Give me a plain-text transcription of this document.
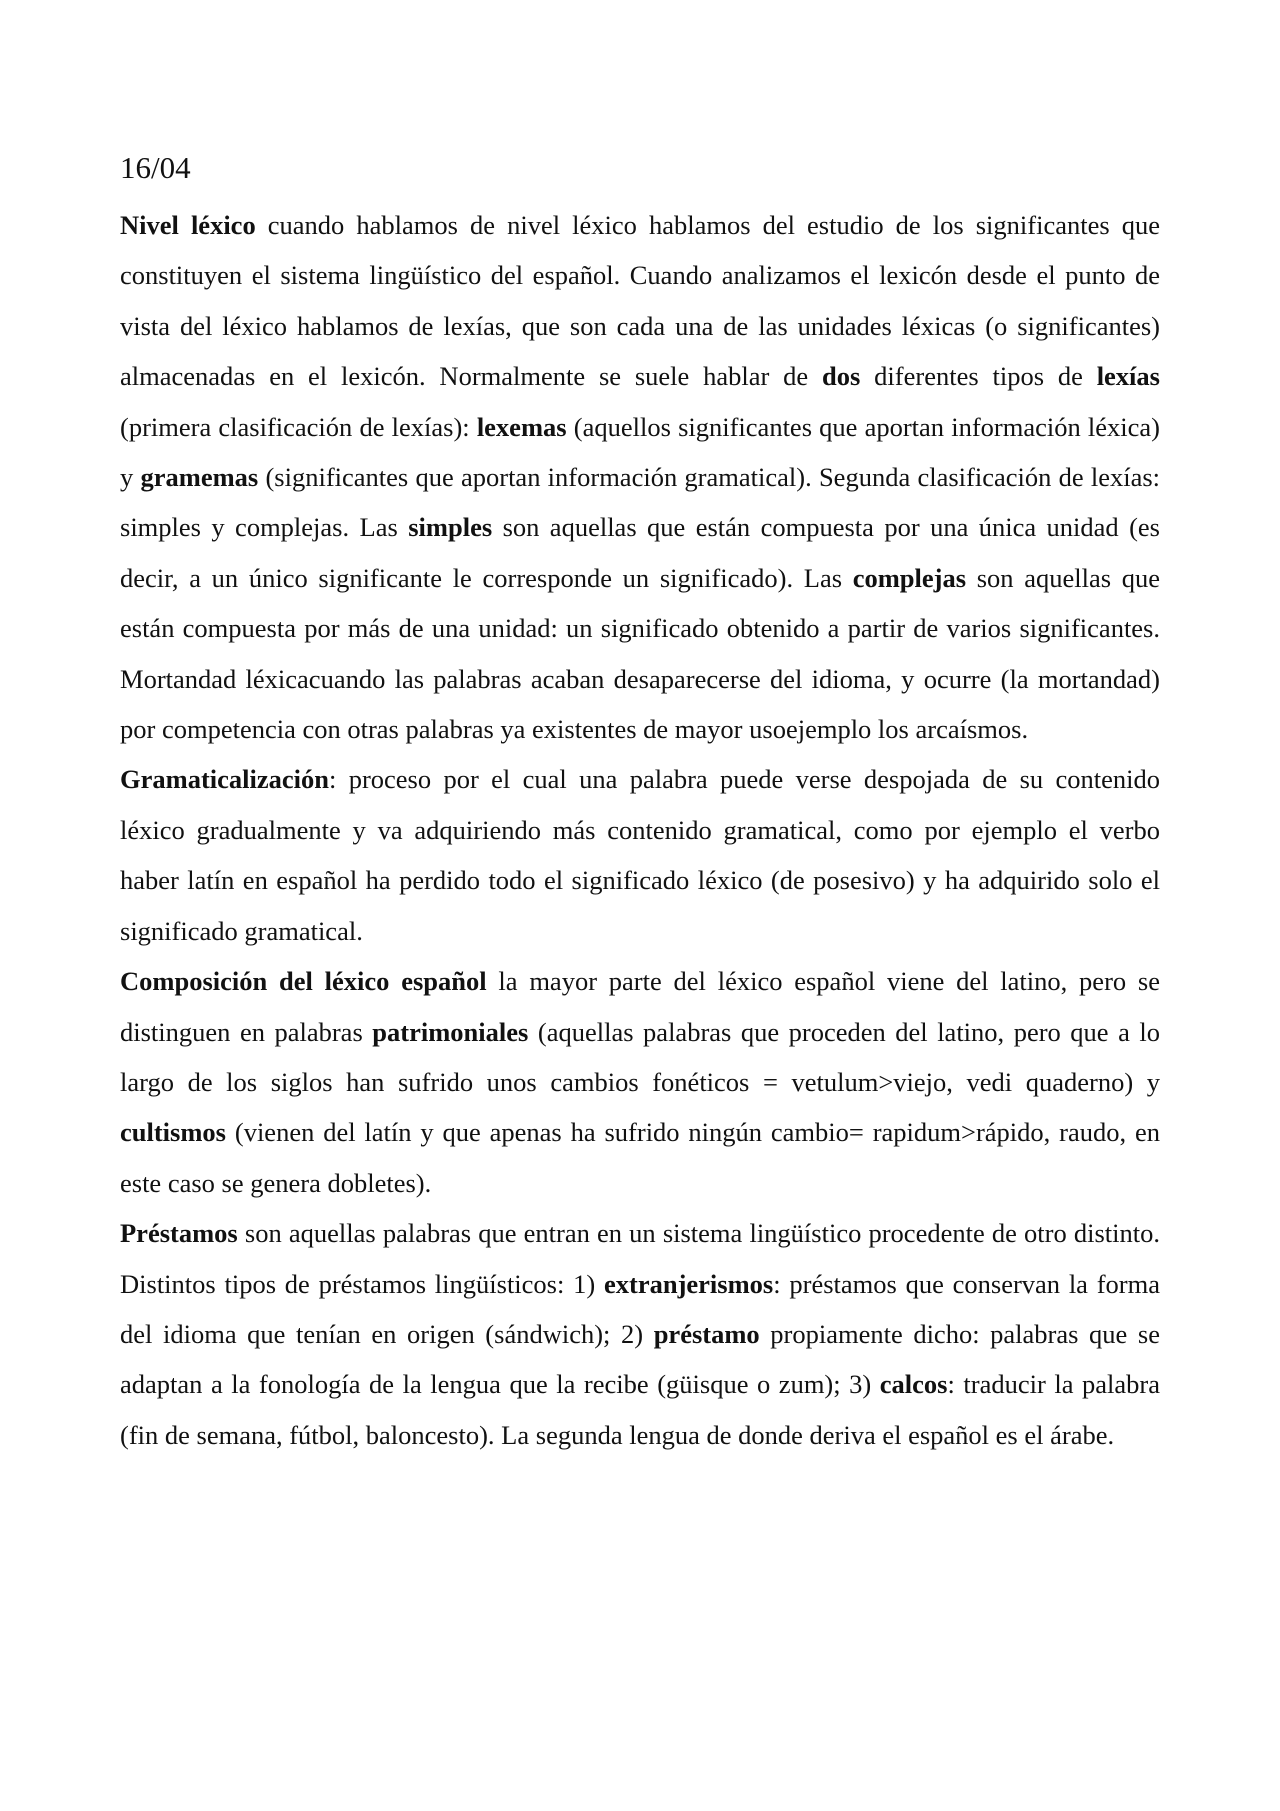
16/04

Nivel léxico cuando hablamos de nivel léxico hablamos del estudio de los significantes que constituyen el sistema lingüístico del español. Cuando analizamos el lexicón desde el punto de vista del léxico hablamos de lexías, que son cada una de las unidades léxicas (o significantes) almacenadas en el lexicón. Normalmente se suele hablar de dos diferentes tipos de lexías (primera clasificación de lexías): lexemas (aquellos significantes que aportan información léxica) y gramemas (significantes que aportan información gramatical). Segunda clasificación de lexías: simples y complejas. Las simples son aquellas que están compuesta por una única unidad (es decir, a un único significante le corresponde un significado). Las complejas son aquellas que están compuesta por más de una unidad: un significado obtenido a partir de varios significantes. Mortandad léxicacuando las palabras acaban desaparecerse del idioma, y ocurre (la mortandad) por competencia con otras palabras ya existentes de mayor usoejemplo los arcaísmos.

Gramaticalización: proceso por el cual una palabra puede verse despojada de su contenido léxico gradualmente y va adquiriendo más contenido gramatical, como por ejemplo el verbo haber latín en español ha perdido todo el significado léxico (de posesivo) y ha adquirido solo el significado gramatical.

Composición del léxico español la mayor parte del léxico español viene del latino, pero se distinguen en palabras patrimoniales (aquellas palabras que proceden del latino, pero que a lo largo de los siglos han sufrido unos cambios fonéticos = vetulum>viejo, vedi quaderno) y cultismos (vienen del latín y que apenas ha sufrido ningún cambio= rapidum>rápido, raudo, en este caso se genera dobletes).

Préstamos son aquellas palabras que entran en un sistema lingüístico procedente de otro distinto. Distintos tipos de préstamos lingüísticos: 1) extranjerismos: préstamos que conservan la forma del idioma que tenían en origen (sándwich); 2) préstamo propiamente dicho: palabras que se adaptan a la fonología de la lengua que la recibe (güisque o zum); 3) calcos: traducir la palabra (fin de semana, fútbol, baloncesto). La segunda lengua de donde deriva el español es el árabe.
